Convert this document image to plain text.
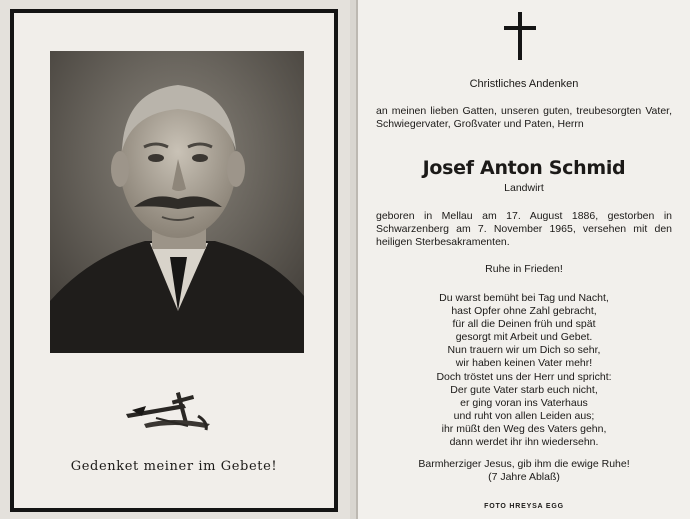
Gedenket meiner im Gebete!
Christliches Andenken
an meinen lieben Gatten, unseren guten, treubesorgten Vater, Schwiegervater, Großvater und Paten, Herrn
Josef Anton Schmid
Landwirt
geboren in Mellau am 17. August 1886, gestorben in Schwarzenberg am 7. November 1965, versehen mit den heiligen Sterbesakramenten.
Ruhe in Frieden!
Du warst bemüht bei Tag und Nacht,
hast Opfer ohne Zahl gebracht,
für all die Deinen früh und spät
gesorgt mit Arbeit und Gebet.
Nun trauern wir um Dich so sehr,
wir haben keinen Vater mehr!
Doch tröstet uns der Herr und spricht:
Der gute Vater starb euch nicht,
er ging voran ins Vaterhaus
und ruht von allen Leiden aus;
ihr müßt den Weg des Vaters gehn,
dann werdet ihr ihn wiedersehn.
Barmherziger Jesus, gib ihm die ewige Ruhe!
(7 Jahre Ablaß)
FOTO HREYSA EGG
